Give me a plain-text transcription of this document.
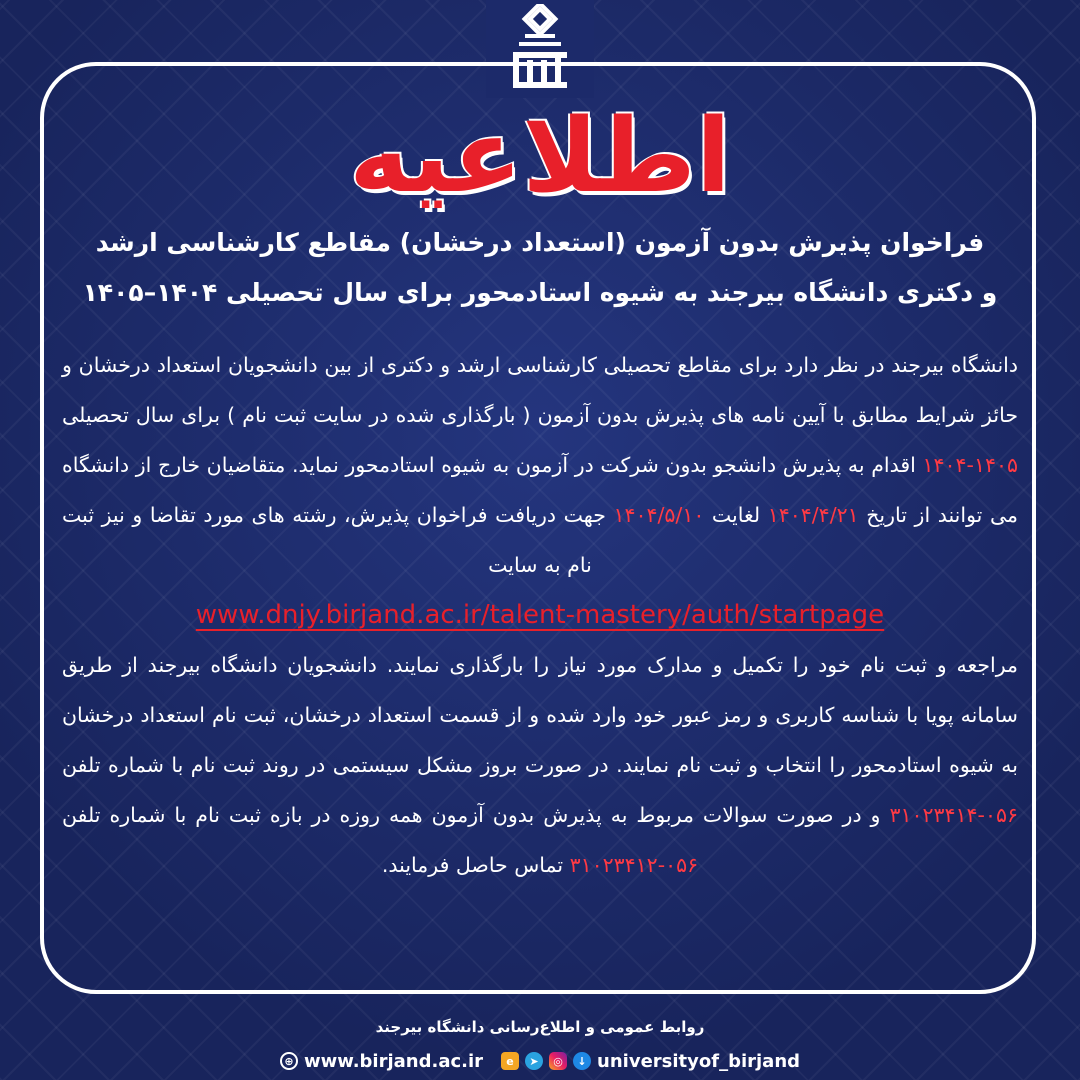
اطلاعیه
فراخوان پذیرش بدون آزمون (استعداد درخشان) مقاطع کارشناسی ارشد
و دکتری دانشگاه بیرجند به شیوه استادمحور برای سال تحصیلی ۱۴۰۴–۱۴۰۵
دانشگاه بیرجند در نظر دارد برای مقاطع تحصیلی کارشناسی ارشد و دکتری از بین دانشجویان استعداد درخشان و حائز شرایط مطابق با آیین نامه های پذیرش بدون آزمون ( بارگذاری شده در سایت ثبت نام ) برای سال تحصیلی ۱۴۰۵-۱۴۰۴ اقدام به پذیرش دانشجو بدون شرکت در آزمون به شیوه استادمحور نماید. متقاضیان خارج از دانشگاه می توانند از تاریخ ۱۴۰۴/۴/۲۱ لغایت ۱۴۰۴/۵/۱۰ جهت دریافت فراخوان پذیرش، رشته های مورد تقاضا و نیز ثبت نام به سایت
www.dnjy.birjand.ac.ir/talent-mastery/auth/startpage
مراجعه و ثبت نام خود را تکمیل و مدارک مورد نیاز را بارگذاری نمایند. دانشجویان دانشگاه بیرجند از طریق سامانه پویا با شناسه کاربری و رمز عبور خود وارد شده و از قسمت استعداد درخشان، ثبت نام استعداد درخشان به شیوه استادمحور را انتخاب و ثبت نام نمایند. در صورت بروز مشکل سیستمی در روند ثبت نام با شماره تلفن ۰۵۶-۳۱۰۲۳۴۱۴ و در صورت سوالات مربوط به پذیرش بدون آزمون همه روزه در بازه ثبت نام با شماره تلفن ۰۵۶-۳۱۰۲۳۴۱۲ تماس حاصل فرمایند.
روابط عمومی و اطلاع‌رسانی دانشگاه بیرجند
⊕ www.birjand.ac.ir	e	➤	◎	↓ universityof_birjand
